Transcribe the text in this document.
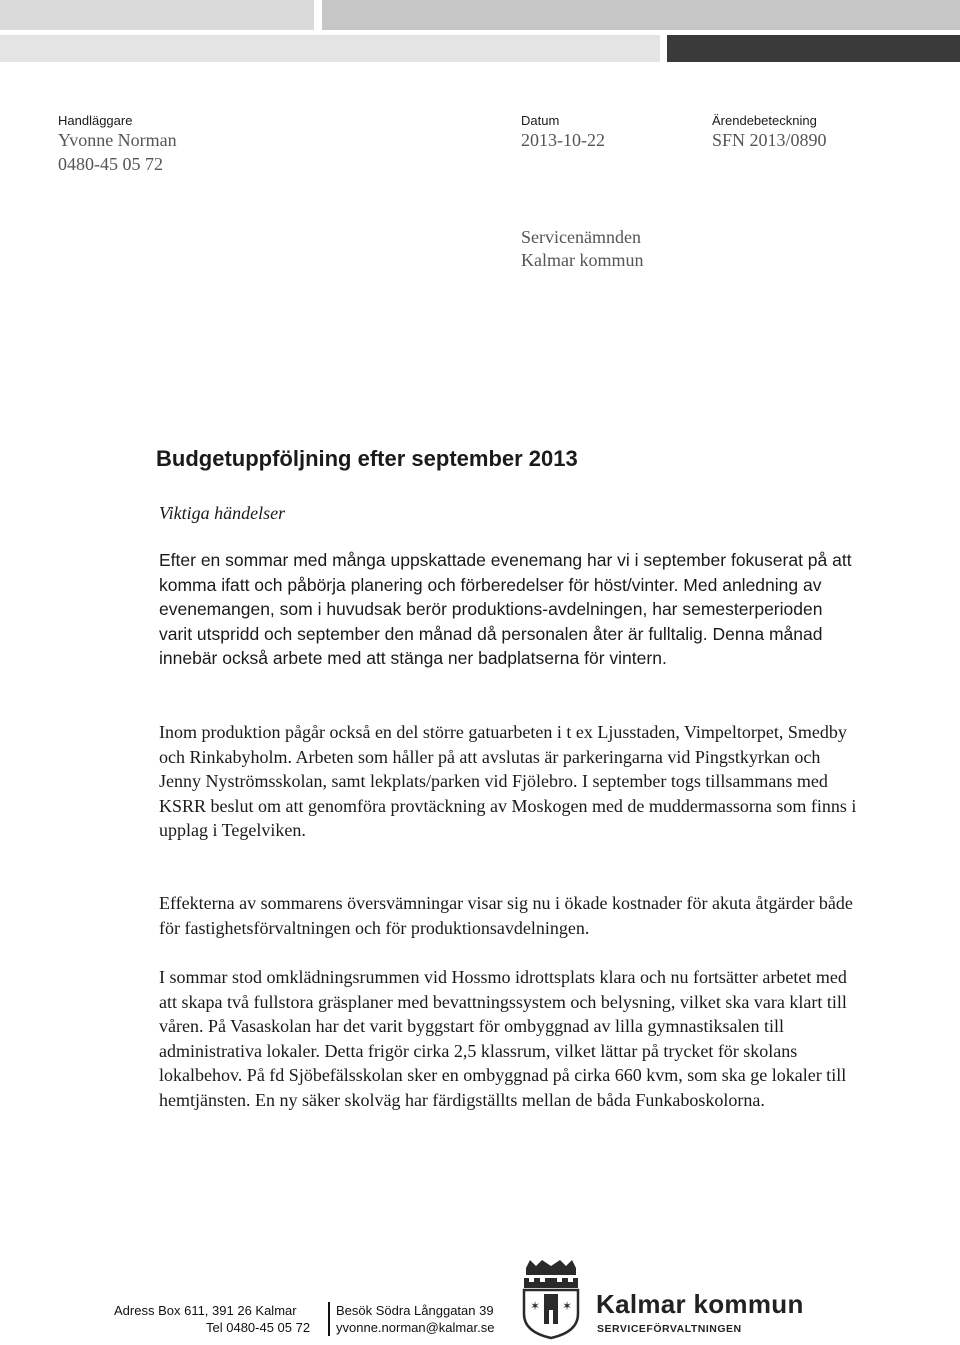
Handläggare
Yvonne Norman
0480-45 05 72
Datum
2013-10-22
Ärendebeteckning
SFN 2013/0890
Servicenämnden
Kalmar kommun
Budgetuppföljning efter september 2013
Viktiga händelser

Efter en sommar med många uppskattade evenemang har vi i september fokuserat på att komma ifatt och påbörja planering och förberedelser för höst/vinter. Med anledning av evenemangen, som i huvudsak berör produktions-avdelningen, har semesterperioden varit utspridd och september den månad då personalen åter är fulltalig. Denna månad innebär också arbete med att stänga ner badplatserna för vintern.

Inom produktion pågår också en del större gatuarbeten i t ex Ljusstaden, Vimpeltorpet, Smedby och Rinkabyholm. Arbeten som håller på att avslutas är parkeringarna vid Pingstkyrkan och Jenny Nyströmsskolan, samt lekplats/parken vid Fjölebro. I september togs tillsammans med KSRR beslut om att genomföra provtäckning av Moskogen med de muddermassorna som finns i upplag i Tegelviken.

Effekterna av sommarens översvämningar visar sig nu i ökade kostnader för akuta åtgärder både för fastighetsförvaltningen och för produktionsavdelningen.

I sommar stod omklädningsrummen vid Hossmo idrottsplats klara och nu fortsätter arbetet med att skapa två fullstora gräsplaner med bevattningssystem och belysning, vilket ska vara klart till våren. På Vasaskolan har det varit byggstart för ombyggnad av lilla gymnastiksalen till administrativa lokaler. Detta frigör cirka 2,5 klassrum, vilket lättar på trycket för skolans lokalbehov. På fd Sjöbefälsskolan sker en ombyggnad på cirka 660 kvm, som ska ge lokaler till hemtjänsten. En ny säker skolväg har färdigställts mellan de båda Funkaboskolorna.

Adress Box 611, 391 26 Kalmar
Tel 0480-45 05 72
Besök Södra Långgatan 39
yvonne.norman@kalmar.se
✶ ✶ Kalmar kommun
SERVICEFÖRVALTNINGEN
